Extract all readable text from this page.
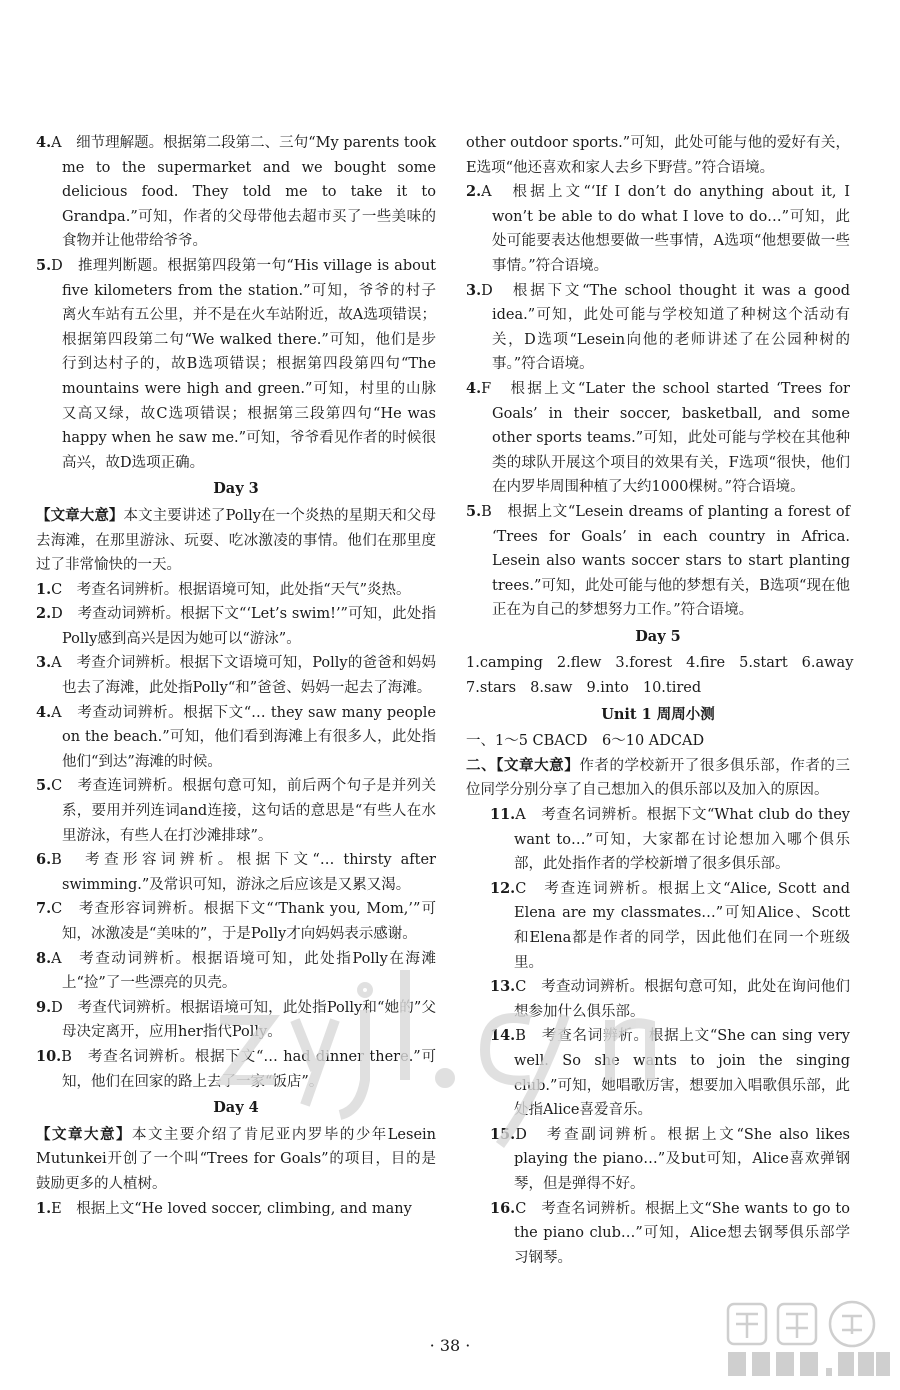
4.A　细节理解题。根据第二段第二、三句“My parents took me to the supermarket and we bought some delicious food. They told me to take it to Grandpa.”可知，作者的父母带他去超市买了一些美味的食物并让他带给爷爷。

5.D　推理判断题。根据第四段第一句“His village is about five kilometers from the station.”可知，爷爷的村子离火车站有五公里，并不是在火车站附近，故A选项错误；根据第四段第二句“We walked there.”可知，他们是步行到达村子的，故B选项错误；根据第四段第四句“The mountains were high and green.”可知，村里的山脉又高又绿，故C选项错误；根据第三段第四句“He was happy when he saw me.”可知，爷爷看见作者的时候很高兴，故D选项正确。

Day 3

【文章大意】本文主要讲述了Polly在一个炎热的星期天和父母去海滩，在那里游泳、玩耍、吃冰激凌的事情。他们在那里度过了非常愉快的一天。

1.C　考查名词辨析。根据语境可知，此处指“天气”炎热。

2.D　考查动词辨析。根据下文“‘Let’s swim!’”可知，此处指Polly感到高兴是因为她可以“游泳”。

3.A　考查介词辨析。根据下文语境可知，Polly的爸爸和妈妈也去了海滩，此处指Polly“和”爸爸、妈妈一起去了海滩。

4.A　考查动词辨析。根据下文“… they saw many people on the beach.”可知，他们看到海滩上有很多人，此处指他们“到达”海滩的时候。

5.C　考查连词辨析。根据句意可知，前后两个句子是并列关系，要用并列连词and连接，这句话的意思是“有些人在水里游泳，有些人在打沙滩排球”。

6.B　考查形容词辨析。根据下文“… thirsty after swimming.”及常识可知，游泳之后应该是又累又渴。

7.C　考查形容词辨析。根据下文“‘Thank you, Mom,’”可知，冰激凌是“美味的”，于是Polly才向妈妈表示感谢。

8.A　考查动词辨析。根据语境可知，此处指Polly在海滩上“捡”了一些漂亮的贝壳。

9.D　考查代词辨析。根据语境可知，此处指Polly和“她的”父母决定离开，应用her指代Polly。

10.B　考查名词辨析。根据下文“… had dinner there.”可知，他们在回家的路上去了一家“饭店”。

Day 4

【文章大意】本文主要介绍了肯尼亚内罗毕的少年Lesein Mutunkei开创了一个叫“Trees for Goals”的项目，目的是鼓励更多的人植树。

1.E　根据上文“He loved soccer, climbing, and many

other outdoor sports.”可知，此处可能与他的爱好有关，E选项“他还喜欢和家人去乡下野营。”符合语境。

2.A　根据上文“‘If I don’t do anything about it, I won’t be able to do what I love to do…”可知，此处可能要表达他想要做一些事情，A选项“他想要做一些事情。”符合语境。

3.D　根据下文“The school thought it was a good idea.”可知，此处可能与学校知道了种树这个活动有关，D选项“Lesein向他的老师讲述了在公园种树的事。”符合语境。

4.F　根据上文“Later the school started ‘Trees for Goals’ in their soccer, basketball, and some other sports teams.”可知，此处可能与学校在其他种类的球队开展这个项目的效果有关，F选项“很快，他们在内罗毕周围种植了大约1000棵树。”符合语境。

5.B　根据上文“Lesein dreams of planting a forest of ‘Trees for Goals’ in each country in Africa. Lesein also wants soccer stars to start planting trees.”可知，此处可能与他的梦想有关，B选项“现在他正在为自己的梦想努力工作。”符合语境。

Day 5

1.camping 2.flew 3.forest 4.fire 5.start 6.away

7.stars 8.saw 9.into 10.tired

Unit 1 周周小测

一、1～5 CBACD　6～10 ADCAD

二、【文章大意】作者的学校新开了很多俱乐部，作者的三位同学分别分享了自己想加入的俱乐部以及加入的原因。

11.A　考查名词辨析。根据下文“What club do they want to…”可知，大家都在讨论想加入哪个俱乐部，此处指作者的学校新增了很多俱乐部。

12.C　考查连词辨析。根据上文“Alice, Scott and Elena are my classmates…”可知Alice、Scott和Elena都是作者的同学，因此他们在同一个班级里。

13.C　考查动词辨析。根据句意可知，此处在询问他们想参加什么俱乐部。

14.B　考查名词辨析。根据上文“She can sing very well. So she wants to join the singing club.”可知，她唱歌厉害，想要加入唱歌俱乐部，此处指Alice喜爱音乐。

15.D　考查副词辨析。根据上文“She also likes playing the piano…”及but可知，Alice喜欢弹钢琴，但是弹得不好。

16.C　考查名词辨析。根据上文“She wants to go to the piano club…”可知，Alice想去钢琴俱乐部学习钢琴。

· 38 ·
